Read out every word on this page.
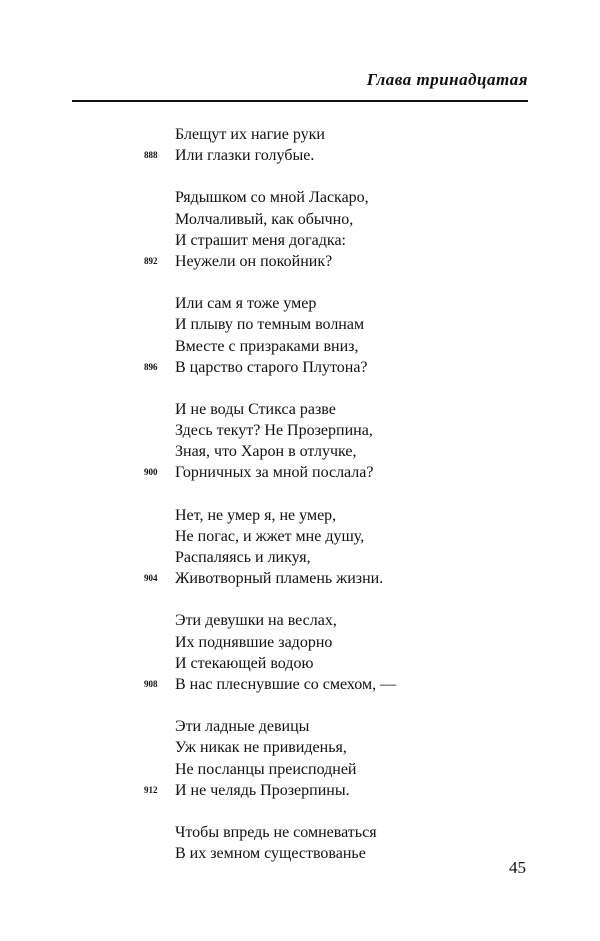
Глава тринадцатая
Блещут их нагие руки
888 Или глазки голубые.
Рядышком со мной Ласкаро,
Молчаливый, как обычно,
И страшит меня догадка:
892 Неужели он покойник?
Или сам я тоже умер
И плыву по темным волнам
Вместе с призраками вниз,
896 В царство старого Плутона?
И не воды Стикса разве
Здесь текут? Не Прозерпина,
Зная, что Харон в отлучке,
900 Горничных за мной послала?
Нет, не умер я, не умер,
Не погас, и жжет мне душу,
Распаляясь и ликуя,
904 Животворный пламень жизни.
Эти девушки на веслах,
Их поднявшие задорно
И стекающей водою
908 В нас плеснувшие со смехом, —
Эти ладные девицы
Уж никак не привиденья,
Не посланцы преисподней
912 И не челядь Прозерпины.
Чтобы впредь не сомневаться
В их земном существованье
45
